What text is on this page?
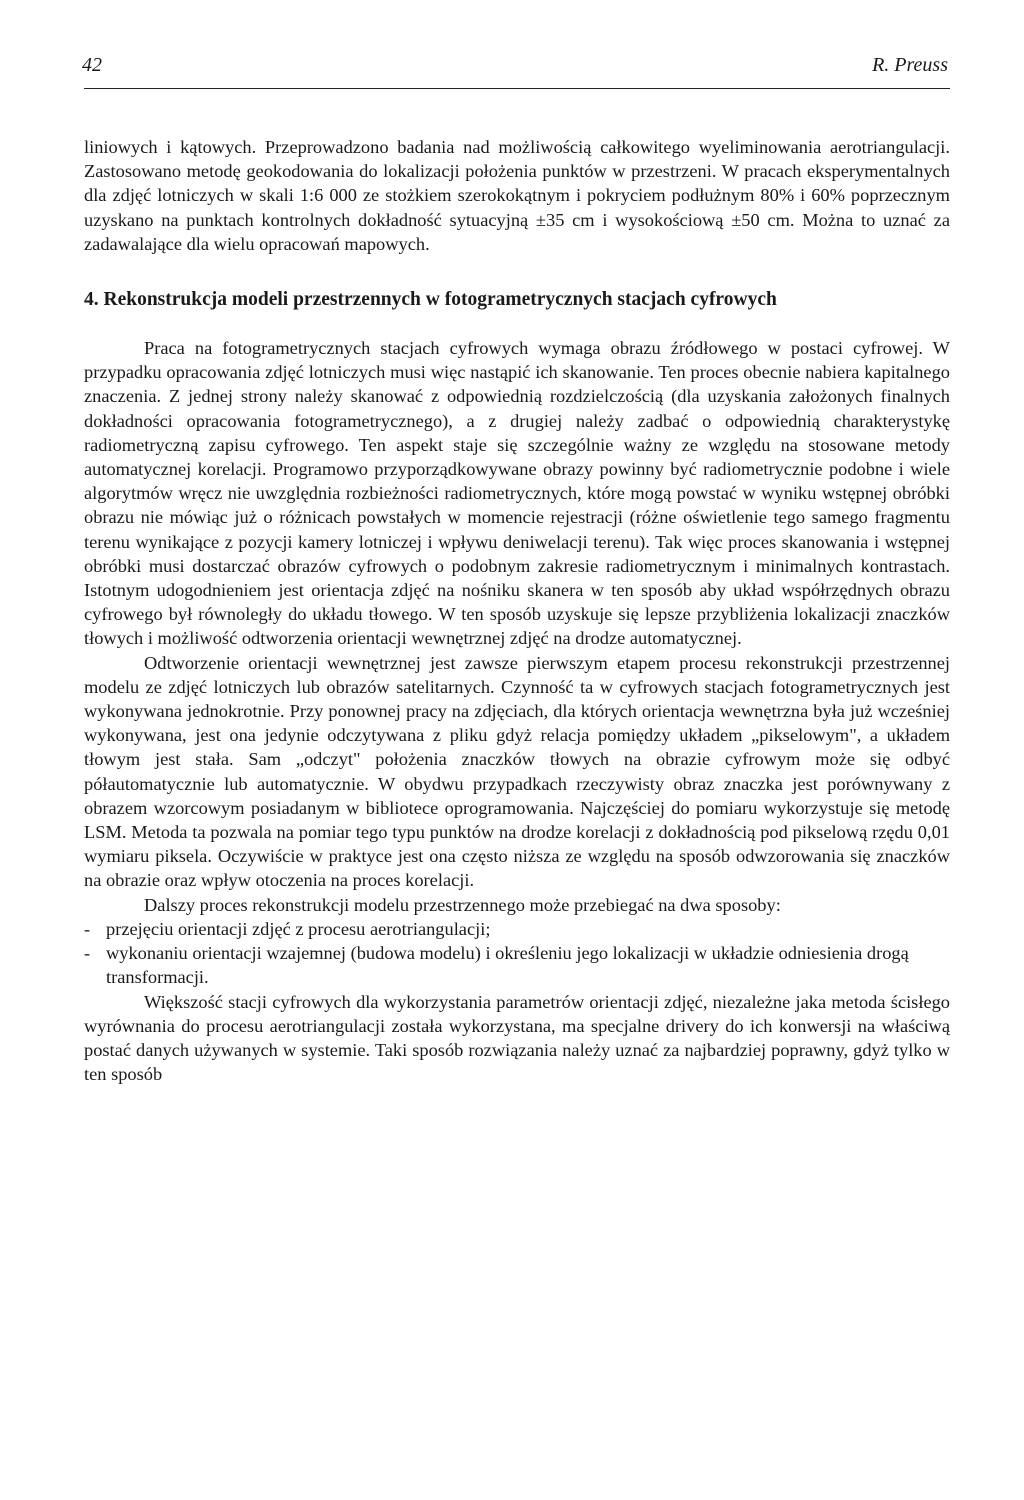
42	R. Preuss

liniowych i kątowych. Przeprowadzono badania nad możliwością całkowitego wyeliminowania aerotriangulacji. Zastosowano metodę geokodowania do lokalizacji położenia punktów w przestrzeni. W pracach eksperymentalnych dla zdjęć lotniczych w skali 1:6 000 ze stożkiem szerokokątnym i pokryciem podłużnym 80% i 60% poprzecznym uzyskano na punktach kontrolnych dokładność sytuacyjną ±35 cm i wysokościową ±50 cm. Można to uznać za zadawalające dla wielu opracowań mapowych.

4. Rekonstrukcja modeli przestrzennych w fotogrametrycznych stacjach cyfrowych

Praca na fotogrametrycznych stacjach cyfrowych wymaga obrazu źródłowego w postaci cyfrowej. W przypadku opracowania zdjęć lotniczych musi więc nastąpić ich skanowanie. Ten proces obecnie nabiera kapitalnego znaczenia. Z jednej strony należy skanować z odpowiednią rozdzielczością (dla uzyskania założonych finalnych dokładności opracowania fotogrametrycznego), a z drugiej należy zadbać o odpowiednią charakterystykę radiometryczną zapisu cyfrowego. Ten aspekt staje się szczególnie ważny ze względu na stosowane metody automatycznej korelacji. Programowo przyporządkowywane obrazy powinny być radiometrycznie podobne i wiele algorytmów wręcz nie uwzględnia rozbieżności radiometrycznych, które mogą powstać w wyniku wstępnej obróbki obrazu nie mówiąc już o różnicach powstałych w momencie rejestracji (różne oświetlenie tego samego fragmentu terenu wynikające z pozycji kamery lotniczej i wpływu deniwelacji terenu). Tak więc proces skanowania i wstępnej obróbki musi dostarczać obrazów cyfrowych o podobnym zakresie radiometrycznym i minimalnych kontrastach. Istotnym udogodnieniem jest orientacja zdjęć na nośniku skanera w ten sposób aby układ współrzędnych obrazu cyfrowego był równoległy do układu tłowego. W ten sposób uzyskuje się lepsze przybliżenia lokalizacji znaczków tłowych i możliwość odtworzenia orientacji wewnętrznej zdjęć na drodze automatycznej.

Odtworzenie orientacji wewnętrznej jest zawsze pierwszym etapem procesu rekonstrukcji przestrzennej modelu ze zdjęć lotniczych lub obrazów satelitarnych. Czynność ta w cyfrowych stacjach fotogrametrycznych jest wykonywana jednokrotnie. Przy ponownej pracy na zdjęciach, dla których orientacja wewnętrzna była już wcześniej wykonywana, jest ona jedynie odczytywana z pliku gdyż relacja pomiędzy układem „pikselowym", a układem tłowym jest stała. Sam „odczyt" położenia znaczków tłowych na obrazie cyfrowym może się odbyć półautomatycznie lub automatycznie. W obydwu przypadkach rzeczywisty obraz znaczka jest porównywany z obrazem wzorcowym posiadanym w bibliotece oprogramowania. Najczęściej do pomiaru wykorzystuje się metodę LSM. Metoda ta pozwala na pomiar tego typu punktów na drodze korelacji z dokładnością pod pikselową rzędu 0,01 wymiaru piksela. Oczywiście w praktyce jest ona często niższa ze względu na sposób odwzorowania się znaczków na obrazie oraz wpływ otoczenia na proces korelacji.

Dalszy proces rekonstrukcji modelu przestrzennego może przebiegać na dwa sposoby:

- przejęciu orientacji zdjęć z procesu aerotriangulacji;
- wykonaniu orientacji wzajemnej (budowa modelu) i określeniu jego lokalizacji w układzie odniesienia drogą transformacji.

Większość stacji cyfrowych dla wykorzystania parametrów orientacji zdjęć, niezależne jaka metoda ścisłego wyrównania do procesu aerotriangulacji została wykorzystana, ma specjalne drivery do ich konwersji na właściwą postać danych używanych w systemie. Taki sposób rozwiązania należy uznać za najbardziej poprawny, gdyż tylko w ten sposób
